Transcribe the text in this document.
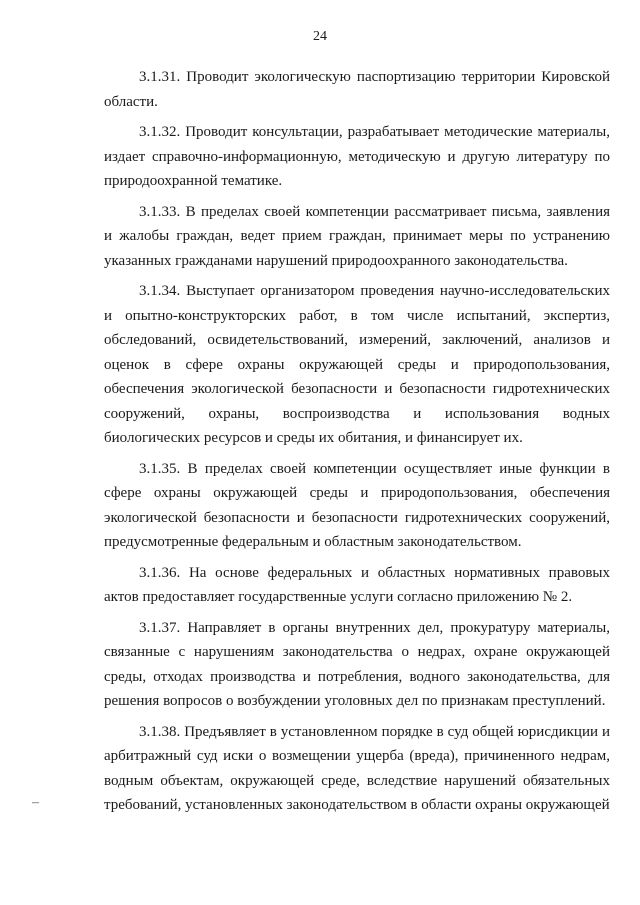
24

3.1.31. Проводит экологическую паспортизацию территории Кировской области.

3.1.32. Проводит консультации, разрабатывает методические материалы, издает справочно-информационную, методическую и другую литературу по природоохранной тематике.

3.1.33. В пределах своей компетенции рассматривает письма, заявления и жалобы граждан, ведет прием граждан, принимает меры по устранению указанных гражданами нарушений природоохранного законодательства.

3.1.34. Выступает организатором проведения научно-исследовательских и опытно-конструкторских работ, в том числе испытаний, экспертиз, обследований, освидетельствований, измерений, заключений, анализов и оценок в сфере охраны окружающей среды и природопользования, обеспечения экологической безопасности и безопасности гидротехнических сооружений, охраны, воспроизводства и использования водных биологических ресурсов и среды их обитания, и финансирует их.

3.1.35. В пределах своей компетенции осуществляет иные функции в сфере охраны окружающей среды и природопользования, обеспечения экологической безопасности и безопасности гидротехнических сооружений, предусмотренные федеральным и областным законодательством.

3.1.36. На основе федеральных и областных нормативных правовых актов предоставляет государственные услуги согласно приложению № 2.

3.1.37. Направляет в органы внутренних дел, прокуратуру материалы, связанные с нарушениям законодательства о недрах, охране окружающей среды, отходах производства и потребления, водного законодательства, для решения вопросов о возбуждении уголовных дел по признакам преступлений.

3.1.38. Предъявляет в установленном порядке в суд общей юрисдикции и арбитражный суд иски о возмещении ущерба (вреда), причиненного недрам, водным объектам, окружающей среде, вследствие нарушений обязательных требований, установленных законодательством в области охраны окружающей

–
